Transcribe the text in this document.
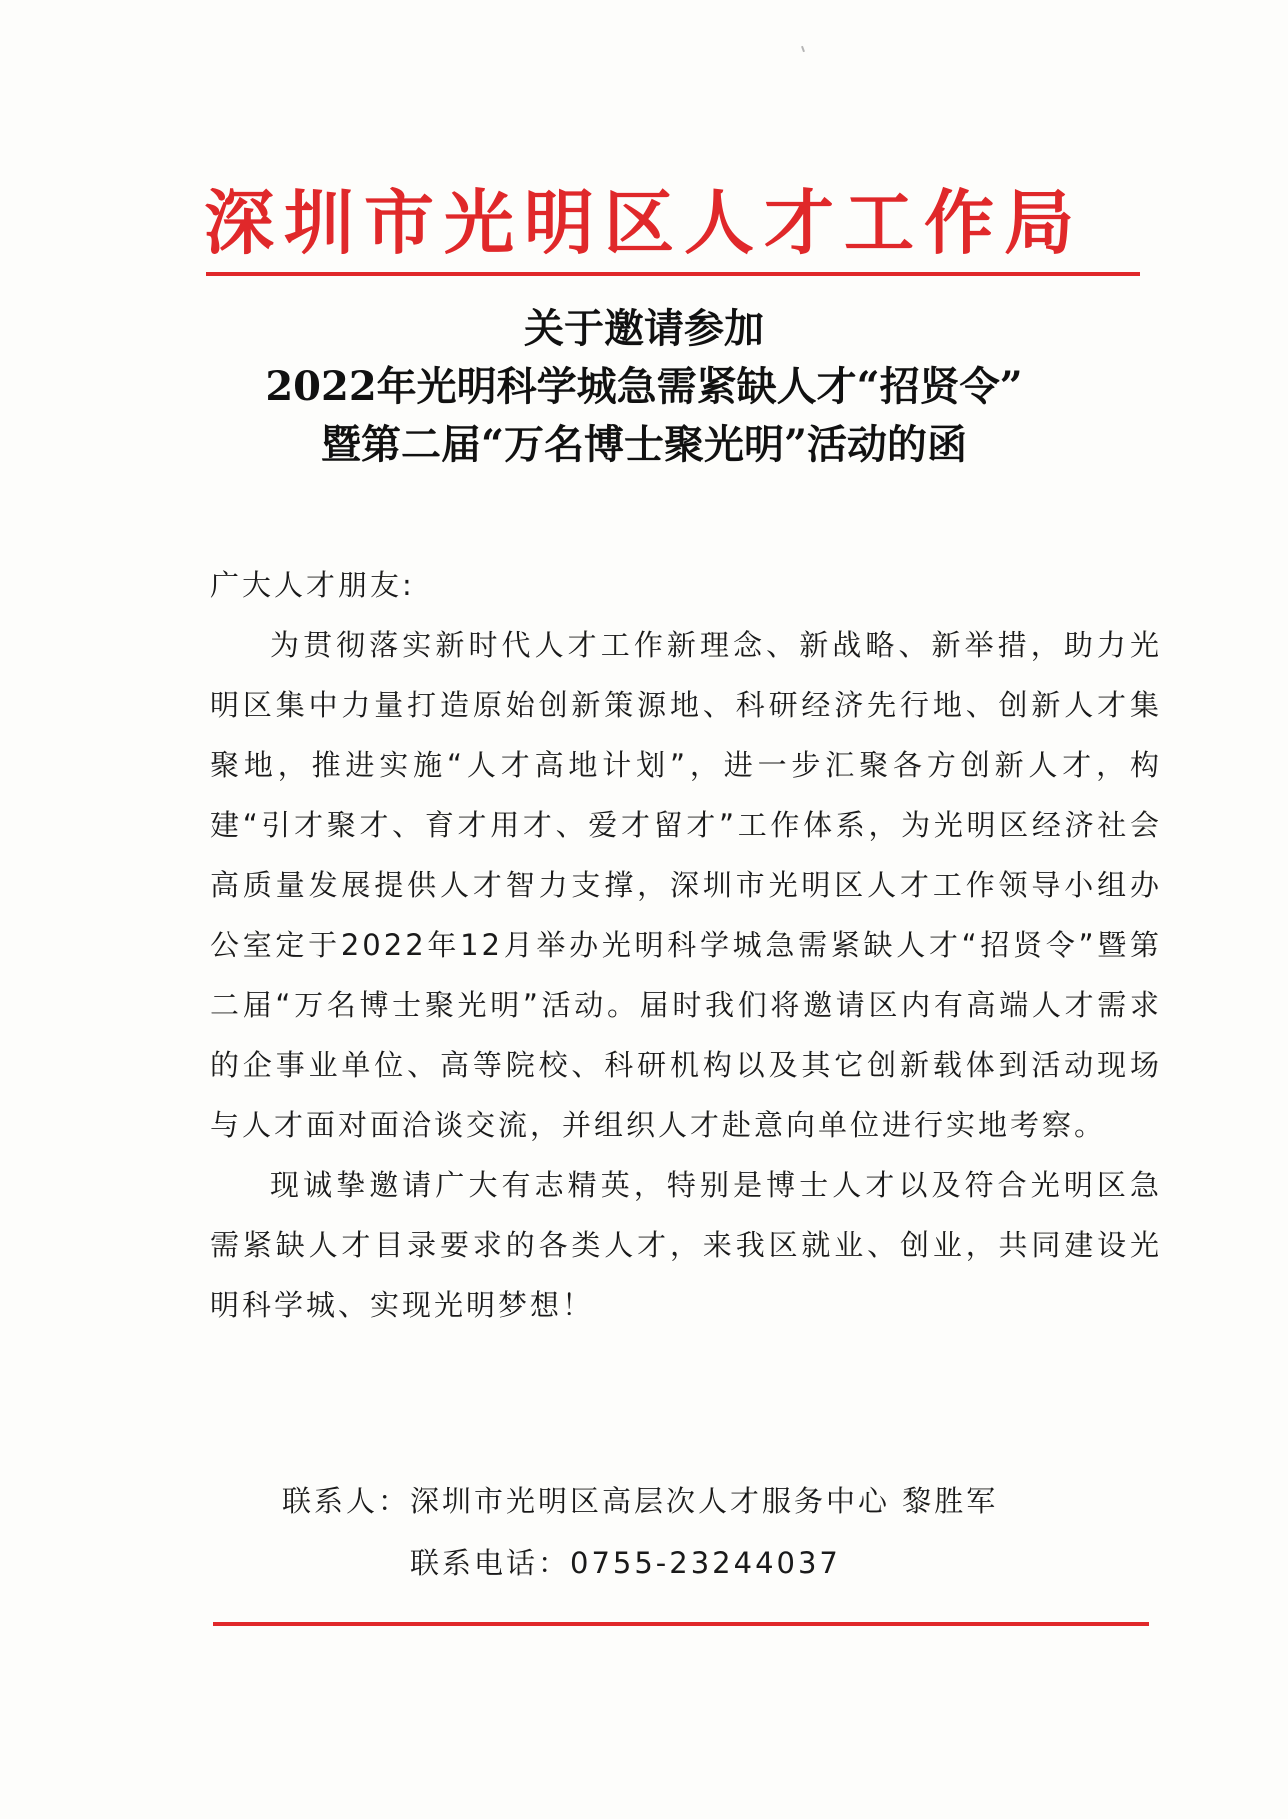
深圳市光明区人才工作局
关于邀请参加
2022年光明科学城急需紧缺人才“招贤令”
暨第二届“万名博士聚光明”活动的函

广大人才朋友:

为贯彻落实新时代人才工作新理念、新战略、新举措，助力光明区集中力量打造原始创新策源地、科研经济先行地、创新人才集聚地，推进实施“人才高地计划”，进一步汇聚各方创新人才，构建“引才聚才、育才用才、爱才留才”工作体系，为光明区经济社会高质量发展提供人才智力支撑，深圳市光明区人才工作领导小组办公室定于2022年12月举办光明科学城急需紧缺人才“招贤令”暨第二届“万名博士聚光明”活动。届时我们将邀请区内有高端人才需求的企事业单位、高等院校、科研机构以及其它创新载体到活动现场与人才面对面洽谈交流，并组织人才赴意向单位进行实地考察。

现诚挚邀请广大有志精英，特别是博士人才以及符合光明区急需紧缺人才目录要求的各类人才，来我区就业、创业，共同建设光明科学城、实现光明梦想！

联系人：深圳市光明区高层次人才服务中心 黎胜军
联系电话：0755-23244037
